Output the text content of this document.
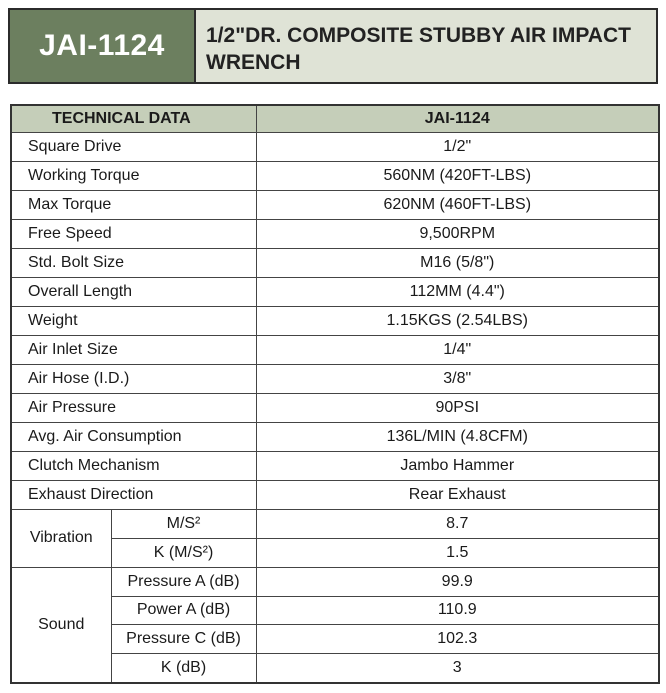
JAI-1124 1/2"DR. COMPOSITE STUBBY AIR IMPACT
WRENCH
TECHNICAL DATA		JAI-1124
Square Drive		1/2"
Working Torque		560NM (420FT-LBS)
Max Torque		620NM (460FT-LBS)
Free Speed		9,500RPM
Std. Bolt Size		M16 (5/8")
Overall Length		112MM (4.4")
Weight		1.15KGS (2.54LBS)
Air Inlet Size		1/4"
Air Hose (I.D.)		3/8"
Air Pressure		90PSI
Avg. Air Consumption		136L/MIN (4.8CFM)
Clutch Mechanism		Jambo Hammer
Exhaust Direction		Rear Exhaust
Vibration	M/S²	8.7
	K (M/S²)	1.5
Sound	Pressure A (dB)	99.9
	Power A (dB)	110.9
	Pressure C (dB)	102.3
	K (dB)	3
